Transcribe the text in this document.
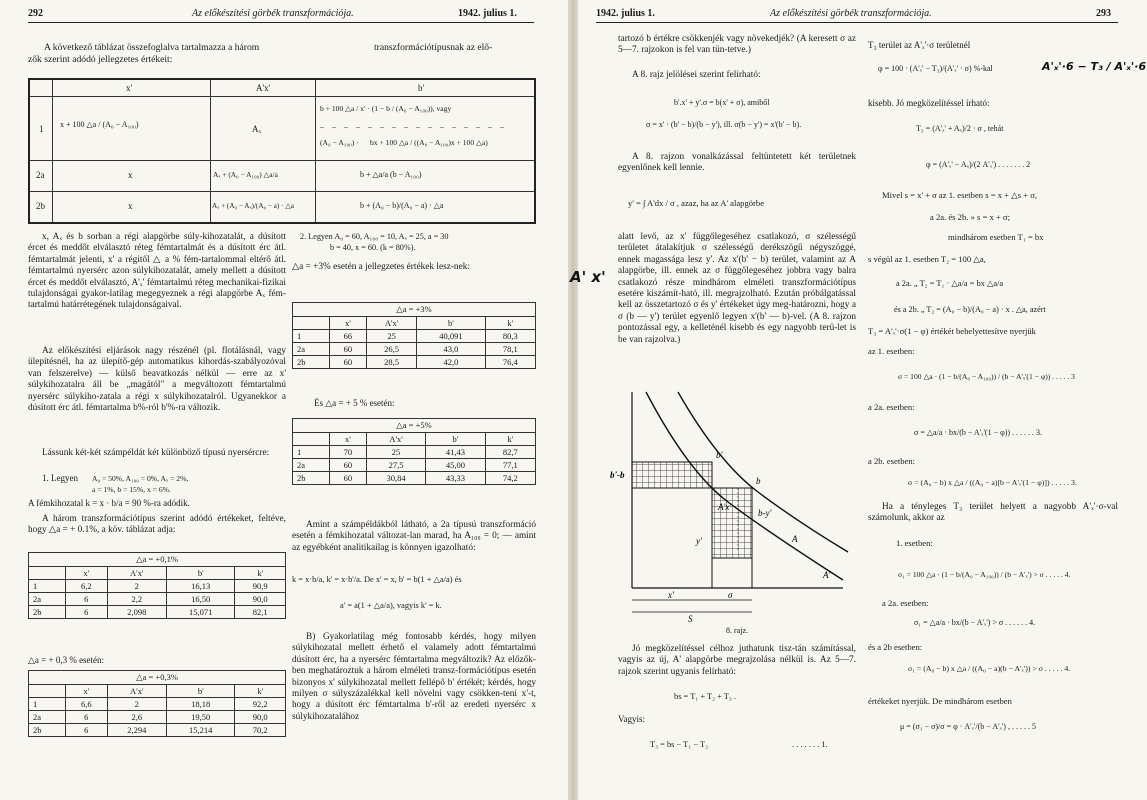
292	Az előkészítési görbék transzformációja.	1942. julius 1.
A következő táblázat összefoglalva tartalmazza a három	transzformációtípusnak az elő-
zők szerint adódó jellegzetes értékeit:
x'	A'x'	b'
1 x + 100 △a / (A₀ − A₁₀₀)	Aₓ
b + 100 △a / x' · (1 − b / (A₀ − A₁₀₀)), vagy
– – – – – – – – – – – – – – – –
(A₀ − A₁₀₀) · bx + 100 △a / ((A₀ − A₁₀₀)x + 100 △a)
2a	x	Aₓ + (A₀ − A₁₀₀) △a/a	b + △a/a (b − A₁₀₀)
2b	x	Aₓ + (A₀ − Aₓ)/(A₀ − a) · △a	b + (A₀ − b)/(A₀ − a) · △a
x, Aₓ és b sorban a régi alapgörbe súly-kihozatalát, a dúsított ércet és meddőt elválasztó réteg fémtartalmát és a dúsított érc átl. fémtartalmát jelenti, x' a régitől △ a % fém-tartalommal eltérő átl. fémtartalmú nyersérc azon súlykihozatalát, amely mellett a dúsított ércet és meddőt elválasztó, A'ₓ' fémtartalmú réteg mechanikai-fizikai tulajdonságai gyakor-latilag megegyeznek a régi alapgörbe Aₓ fém-tartalmú határrétegének tulajdonságaival.
Az előkészítési eljárások nagy részénél (pl. flotálásnál, vagy ülepítésnél, ha az ülepítő-gép automatikus kihordás-szabályozóval van felszerelve) — külső beavatkozás nélkül — erre az x' súlykihozatalra áll be „magától" a megváltozott fémtartalmú nyersérc súlykiho-zatala a régi x súlykihozatalról. Ugyanekkor a dúsított érc átl. fémtartalma b%-ról b'%-ra változik.
Lássunk két-két számpéldát két különböző típusú nyersércre:
1. Legyen A₀ = 50%, A₁₀₀ = 0%, Aₓ = 2%,
a = 1%, b = 15%, x = 6%.
A fémkihozatal k = x · b/a = 90 %-ra adódik.
A három transzformációtípus szerint adódó értékeket, feltéve, hogy △a = + 0.1%, a köv. táblázat adja:
△a = +0,1%				
	x'	A'x'	b'	k'
1	6,2	2	16,13	90,9
2a	6	2,2	16,50	90,0
2b	6	2,098	15,071	82,1
△a = + 0,3 % esetén:
△a = +0,3%				
	x'	A'x'	b'	k'
1	6,6	2	18,18	92,2
2a	6	2,6	19,50	90,0
2b	6	2,294	15,214	70,2
2. Legyen A₀ = 60, A₁₀₀ = 10, Aₓ = 25, a = 30
b = 40, x = 60. (k = 80%).
△a = +3% esetén a jellegzetes értékek lesz-nek:
△a = +3%				
	x'	A'x'	b'	k'
1	66	25	40,091	80,3
2a	60	26,5	43,0	78,1
2b	60	28,5	42,0	76,4
És △a = + 5 % esetén:
△a = +5%				
	x'	A'x'	b'	k'
1	70	25	41,43	82,7
2a	60	27,5	45,00	77,1
2b	60	30,84	43,33	74,2
Amint a számpéldákból látható, a 2a típusú transzformáció esetén a fémkihozatal változat-lan marad, ha A₁₀₀ = 0; — amint az egyébként analitikailag is könnyen igazolható:
k = x·b/a, k' = x·b'/a. De x' = x, b' = b(1 + △a/a) és
a' = a(1 + △a/a), vagyis k' = k.
B) Gyakorlatilag még fontosabb kérdés, hogy milyen súlykihozatal mellett érhető el valamely adott fémtartalmú dúsított érc, ha a nyersérc fémtartalma megváltozik? Az előzők-ben meghatároztuk a három elméleti transz-formációtípus esetén bizonyos x' súlykihozatal mellett fellépő b' értékét; kérdés, hogy milyen σ súlyszázalékkal kell növelni vagy csökken-teni x'-t, hogy a dúsított érc fémtartalma b'-ről az eredeti nyersérc x súlykihozatalához
1942. julius 1.	Az előkészítési görbék transzformációja.	293
tartozó b értékre csökkenjék vagy növekedjék? (A keresett σ az 5—7. rajzokon is fel van tün-tetve.)
A 8. rajz jelölései szerint felírható:
b'.x' + y'.σ = b(x' + σ), amiből
σ = x' · (b' − b)/(b − y'), ill. σ(b − y') = x'(b' − b).
A 8. rajzon vonalkázással feltüntetett két területnek egyenlőnek kell lennie.
y' = ∫ A'dx / σ , azaz, ha az A' alapgörbe
alatt levő, az x' függőlegeséhez csatlakozó, σ szélességű területet átalakítjuk σ szélességű derékszögű négyszöggé, ennek magassága lesz y'. Az x'(b' − b) terület, valamint az A alapgörbe, ill. ennek az σ függőlegeséhez jobbra vagy balra csatlakozó része mindhárom elméleti transzformációtípus esetére kiszámít-ható, ill. megrajzolható. Ezután próbálgatással kell az összetartozó σ és y' értékeket úgy meg-határozni, hogy a σ (b — y') terület egyenlő legyen x'(b' — b)-vel. (A 8. rajzon pontozással egy, a kelleténél kisebb és egy nagyobb terü-let is be van rajzolva.)
A' x'
b'
b
b'-b
y'
b-y'
A'x'
A
A'
x'	σ
S
8. rajz.
Jó megközelítéssel célhoz juthatunk tisz-tán számítással, vagyis az új, A' alapgörbe megrajzolása nélkül is. Az 5—7. rajzok szerint ugyanis felírható:
bs = T₁ + T₂ + T₃ .
Vagyis:
T₃ = bs − T₁ − T₂	. . . . . . . 1.
T₃ terület az A'ₓ'·σ területnél
φ = 100 · (A'ₓ' − T₃)/(A'ₓ' · σ) %-kal	A'ₓ'·6 − T₃ / A'ₓ'·6
kisebb. Jó megközelítéssel írható:
T₃ = (A'ₓ' + Aₓ)/2 · σ , tehát
φ = (A'ₓ' − Aₓ)/(2 A'ₓ') . . . . . . . 2
Mivel s = x' + σ az 1. esetben s = x + △s + σ,
a 2a. és 2b. » s = x + σ;
mindhárom esetben T₁ = bx
s végül az 1. esetben T₂ = 100 △a,
a 2a. „ T₂ = T₁ · △a/a = bx △a/a
és a 2b. „ T₂ = (A₀ − b)/(A₀ − a) · x . △a, azért
T₃ = A'ₓ'·σ(1 − φ) értékét behelyettesítve nyerjük
az 1. esetben:
σ = 100 △a · (1 − b/(A₀ − A₁₀₀)) / (b − A'ₓ'(1 − φ)) . . . . . 3
a 2a. esetben:
σ = △a/a · bx/(b − A'ₓ'(1 − φ)) . . . . . . 3.
a 2b. esetben:
σ = (A₀ − b) x △a / ((A₀ − a)[b − A'ₓ'(1 − φ)]) . . . . . 3.
Ha a tényleges T₃ terület helyett a nagyobb A'ₓ'·σ-val számolunk, akkor az
1. esetben:
σ₁ = 100 △a · (1 − b/(A₀ − A₁₀₀)) / (b − A'ₓ') > σ . . . . . 4.
a 2a. esetben:
σ₁ = △a/a · bx/(b − A'ₓ') > σ . . . . . . 4.
és a 2b esetben:
σ₁ = (A₀ − b) x △a / ((A₀ − a)(b − A'ₓ')) > σ . . . . . 4.
értékeket nyerjük. De mindhárom esetben
μ = (σ₁ − σ)/σ = φ · A'ₓ'/(b − A'ₓ') , . . . . . 5
